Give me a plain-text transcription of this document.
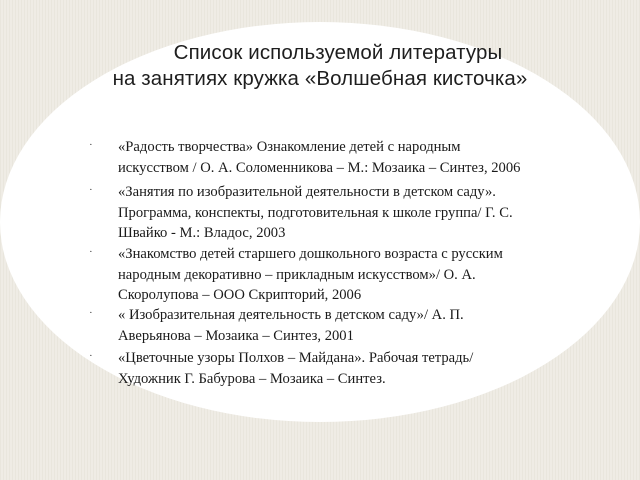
Список используемой литературы
на занятиях кружка «Волшебная кисточка»
· «Радость творчества» Ознакомление детей с народным
искусством / О. А. Соломенникова – М.: Мозаика – Синтез, 2006
· «Занятия по изобразительной деятельности в детском саду».
Программа, конспекты, подготовительная к школе группа/ Г. С.
Швайко - М.: Владос, 2003
· «Знакомство детей старшего дошкольного возраста с русским
народным декоративно – прикладным искусством»/ О. А.
Скоролупова – ООО Скрипторий, 2006
· « Изобразительная деятельность в детском саду»/ А. П.
Аверьянова – Мозаика – Синтез, 2001
· «Цветочные узоры Полхов – Майдана». Рабочая тетрадь/
Художник Г. Бабурова – Мозаика – Синтез.
